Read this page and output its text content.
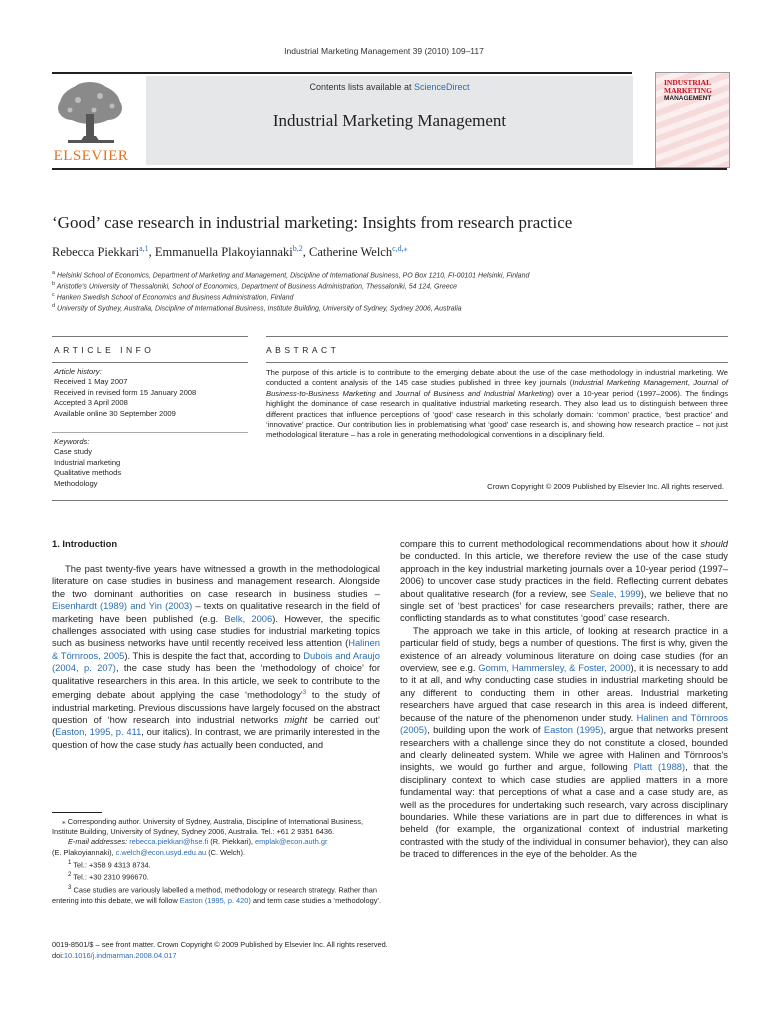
Industrial Marketing Management 39 (2010) 109–117
Contents lists available at ScienceDirect
Industrial Marketing Management
ELSEVIER
INDUSTRIAL
MARKETING
MANAGEMENT
‘Good’ case research in industrial marketing: Insights from research practice
Rebecca Piekkari$^{a,1}$, Emmanuella Plakoyiannaki$^{b,2}$, Catherine Welch$^{c,d,⁎}$
$^a$ Helsinki School of Economics, Department of Marketing and Management, Discipline of International Business, PO Box 1210, FI-00101 Helsinki, Finland
$^b$ Aristotle's University of Thessaloniki, School of Economics, Department of Business Administration, Thessaloniki, 54 124, Greece
$^c$ Hanken Swedish School of Economics and Business Administration, Finland
$^d$ University of Sydney, Australia, Discipline of International Business, Institute Building, University of Sydney, Sydney 2006, Australia
ARTICLE INFO	ABSTRACT
Article history:
Received 1 May 2007
Received in revised form 15 January 2008
Accepted 3 April 2008
Available online 30 September 2009
Keywords:
Case study
Industrial marketing
Qualitative methods
Methodology
The purpose of this article is to contribute to the emerging debate about the use of the case methodology in industrial marketing. We conducted a content analysis of the 145 case studies published in three key journals (Industrial Marketing Management, Journal of Business-to-Business Marketing and Journal of Business and Industrial Marketing) over a 10-year period (1997–2006). The findings highlight the dominance of case research in qualitative industrial marketing research. They also lead us to distinguish between three different practices that influence perceptions of ‘good’ case research in this scholarly domain: ‘common’ practice, ‘best practice’ and ‘innovative’ practice. Our contribution lies in problematising what ‘good’ case research is, and showing how research practice – not just methodological literature – has a role in generating methodological conventions in a disciplinary field.
Crown Copyright © 2009 Published by Elsevier Inc. All rights reserved.
1. Introduction

The past twenty-five years have witnessed a growth in the methodological literature on case studies in business and management research. Alongside the two dominant authorities on case research in business studies – Eisenhardt (1989) and Yin (2003) – texts on qualitative research in the field of marketing have been published (e.g. Belk, 2006). However, the specific challenges associated with using case studies for industrial marketing topics such as business networks have until recently received less attention (Halinen & Törnroos, 2005). This is despite the fact that, according to Dubois and Araujo (2004, p. 207), the case study has been the ‘methodology of choice’ for qualitative researchers in this area. In this article, we seek to contribute to the emerging debate about applying the case ‘methodology’$^3$ to the study of industrial marketing. Previous discussions have largely focused on the abstract question of ‘how research into industrial networks might be carried out’ (Easton, 1995, p. 411, our italics). In contrast, we are primarily interested in the question of how the case study has actually been conducted, and

⁎ Corresponding author. University of Sydney, Australia, Discipline of International Business, Institute Building, University of Sydney, Sydney 2006, Australia. Tel.: +61 2 9351 6436.
E-mail addresses: rebecca.piekkari@hse.fi (R. Piekkari), emplak@econ.auth.gr
(E. Plakoyiannaki), c.welch@econ.usyd.edu.au (C. Welch).
$^1$ Tel.: +358 9 4313 8734.
$^2$ Tel.: +30 2310 996670.
$^3$ Case studies are variously labelled a method, methodology or research strategy. Rather than entering into this debate, we will follow Easton (1995, p. 420) and term case studies a ‘methodology’.

compare this to current methodological recommendations about how it should be conducted. In this article, we therefore review the use of the case study approach in the key industrial marketing journals over a 10-year period (1997–2006) to uncover case study practices in the field. Reflecting current debates about qualitative research (for a review, see Seale, 1999), we believe that no single set of ‘best practices’ for case researchers prevails; rather, there are conflicting standards as to what constitutes ‘good’ case research.

The approach we take in this article, of looking at research practice in a particular field of study, begs a number of questions. The first is why, given the existence of an already voluminous literature on doing case studies (for an overview, see e.g. Gomm, Hammersley, & Foster, 2000), it is necessary to add to it at all, and why conducting case studies in industrial marketing should be any different to conducting them in other areas. Industrial marketing researchers have argued that case research in this area is indeed different, because of the nature of the phenomenon under study. Halinen and Törnroos (2005), building upon the work of Easton (1995), argue that networks present researchers with a challenge since they do not constitute a closed, bounded and clearly delineated system. While we agree with Halinen and Törnroos's insights, we would go further and argue, following Platt (1988), that the disciplinary context to which case studies are applied matters in a more fundamental way: that perceptions of what a case and a case study are, as well as the procedures for undertaking such research, vary across disciplinary boundaries. While these variations are in part due to differences in what is beheld (for example, the organizational context of industrial marketing contrasted with the study of the individual in consumer behavior), they can also be traced to differences in the eye of the beholder. As the

0019-8501/$ – see front matter. Crown Copyright © 2009 Published by Elsevier Inc. All rights reserved.
doi:10.1016/j.indmarman.2008.04.017
